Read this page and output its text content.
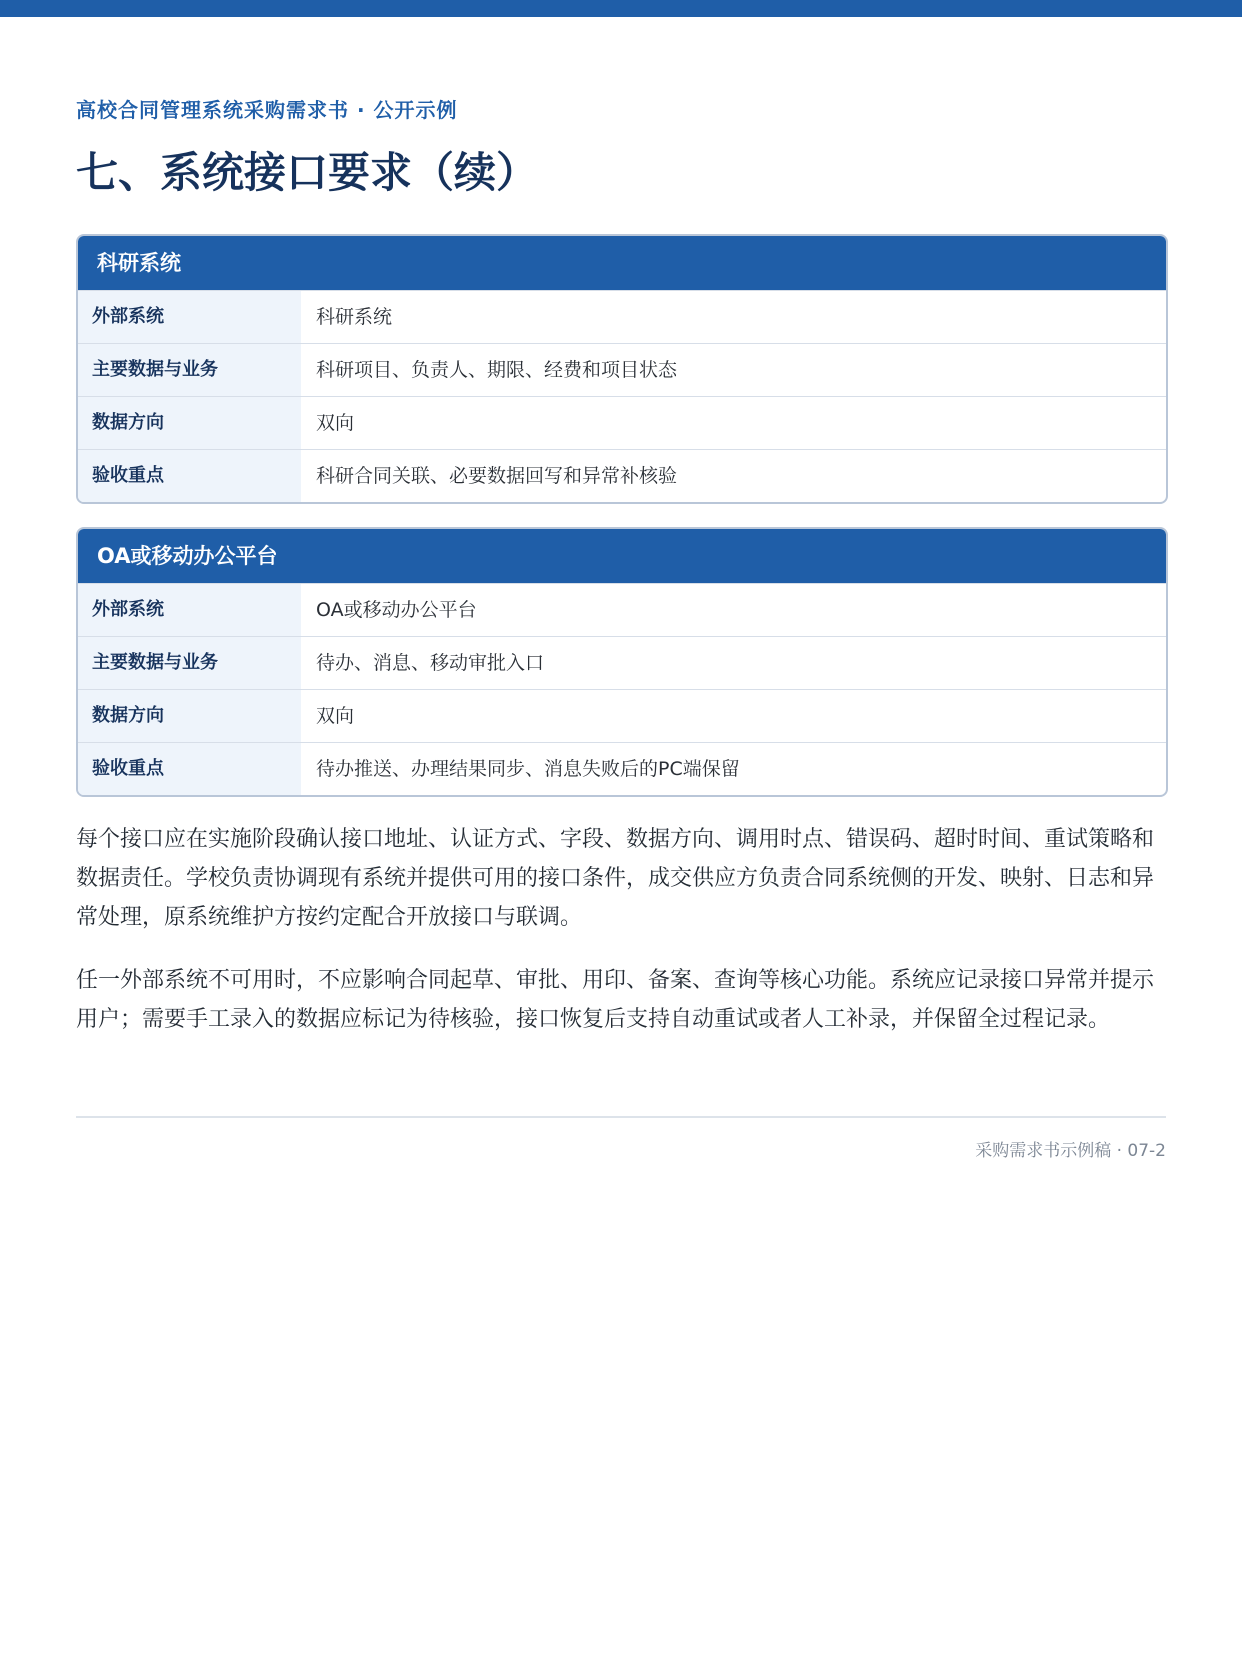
高校合同管理系统采购需求书 · 公开示例
七、系统接口要求（续）
科研系统
外部系统	科研系统
主要数据与业务	科研项目、负责人、期限、经费和项目状态
数据方向	双向
验收重点	科研合同关联、必要数据回写和异常补核验
OA或移动办公平台
外部系统	OA或移动办公平台
主要数据与业务	待办、消息、移动审批入口
数据方向	双向
验收重点	待办推送、办理结果同步、消息失败后的PC端保留

每个接口应在实施阶段确认接口地址、认证方式、字段、数据方向、调用时点、错误码、超时时间、重试策略和数据责任。学校负责协调现有系统并提供可用的接口条件，成交供应方负责合同系统侧的开发、映射、日志和异常处理，原系统维护方按约定配合开放接口与联调。

任一外部系统不可用时，不应影响合同起草、审批、用印、备案、查询等核心功能。系统应记录接口异常并提示用户；需要手工录入的数据应标记为待核验，接口恢复后支持自动重试或者人工补录，并保留全过程记录。

采购需求书示例稿 · 07-2
